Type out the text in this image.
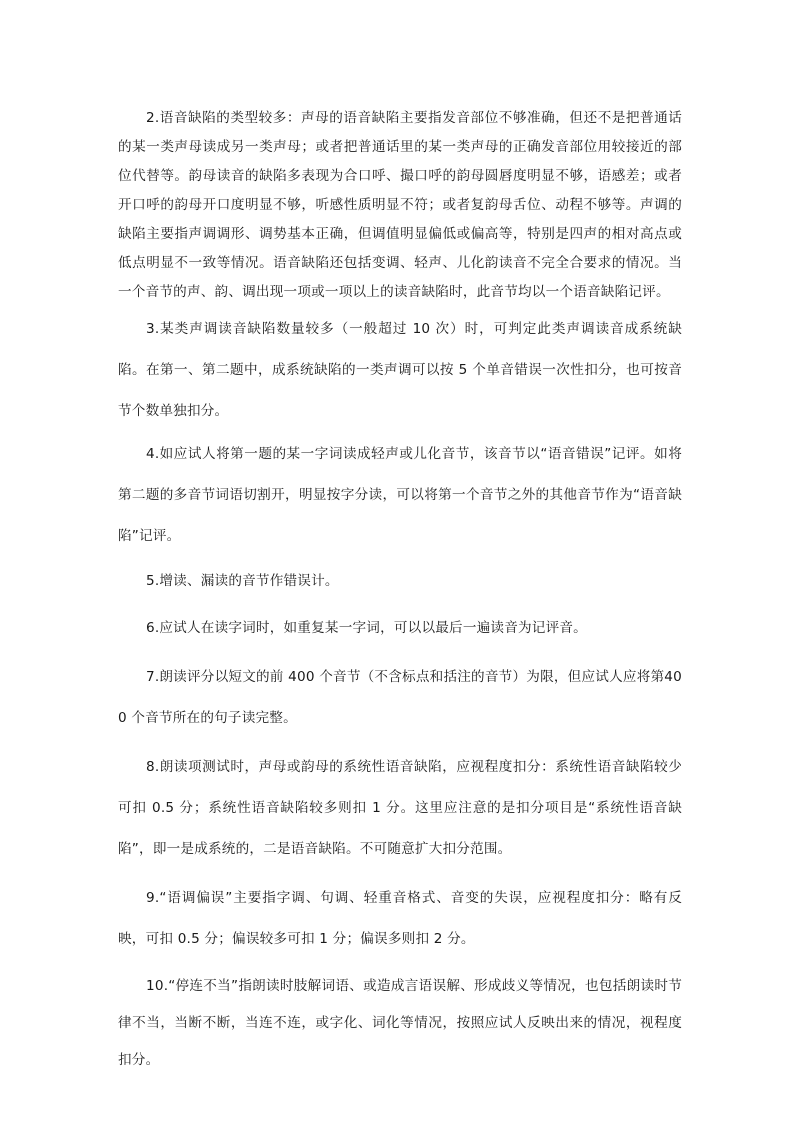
2.语音缺陷的类型较多：声母的语音缺陷主要指发音部位不够准确，但还不是把普通话的某一类声母读成另一类声母；或者把普通话里的某一类声母的正确发音部位用较接近的部位代替等。韵母读音的缺陷多表现为合口呼、撮口呼的韵母圆唇度明显不够，语感差；或者开口呼的韵母开口度明显不够，听感性质明显不符；或者复韵母舌位、动程不够等。声调的缺陷主要指声调调形、调势基本正确，但调值明显偏低或偏高等，特别是四声的相对高点或低点明显不一致等情况。语音缺陷还包括变调、轻声、儿化韵读音不完全合要求的情况。当一个音节的声、韵、调出现一项或一项以上的读音缺陷时，此音节均以一个语音缺陷记评。

3.某类声调读音缺陷数量较多（一般超过 10 次）时，可判定此类声调读音成系统缺陷。在第一、第二题中，成系统缺陷的一类声调可以按 5 个单音错误一次性扣分，也可按音节个数单独扣分。

4.如应试人将第一题的某一字词读成轻声或儿化音节，该音节以“语音错误”记评。如将第二题的多音节词语切割开，明显按字分读，可以将第一个音节之外的其他音节作为“语音缺陷”记评。

5.增读、漏读的音节作错误计。

6.应试人在读字词时，如重复某一字词，可以以最后一遍读音为记评音。

7.朗读评分以短文的前 400 个音节（不含标点和括注的音节）为限，但应试人应将第400 个音节所在的句子读完整。

8.朗读项测试时，声母或韵母的系统性语音缺陷，应视程度扣分：系统性语音缺陷较少可扣 0.5 分；系统性语音缺陷较多则扣 1 分。这里应注意的是扣分项目是“系统性语音缺陷”，即一是成系统的，二是语音缺陷。不可随意扩大扣分范围。

9.“语调偏误”主要指字调、句调、轻重音格式、音变的失误，应视程度扣分：略有反映，可扣 0.5 分；偏误较多可扣 1 分；偏误多则扣 2 分。

10.“停连不当”指朗读时肢解词语、或造成言语误解、形成歧义等情况，也包括朗读时节律不当，当断不断，当连不连，或字化、词化等情况，按照应试人反映出来的情况，视程度扣分。
